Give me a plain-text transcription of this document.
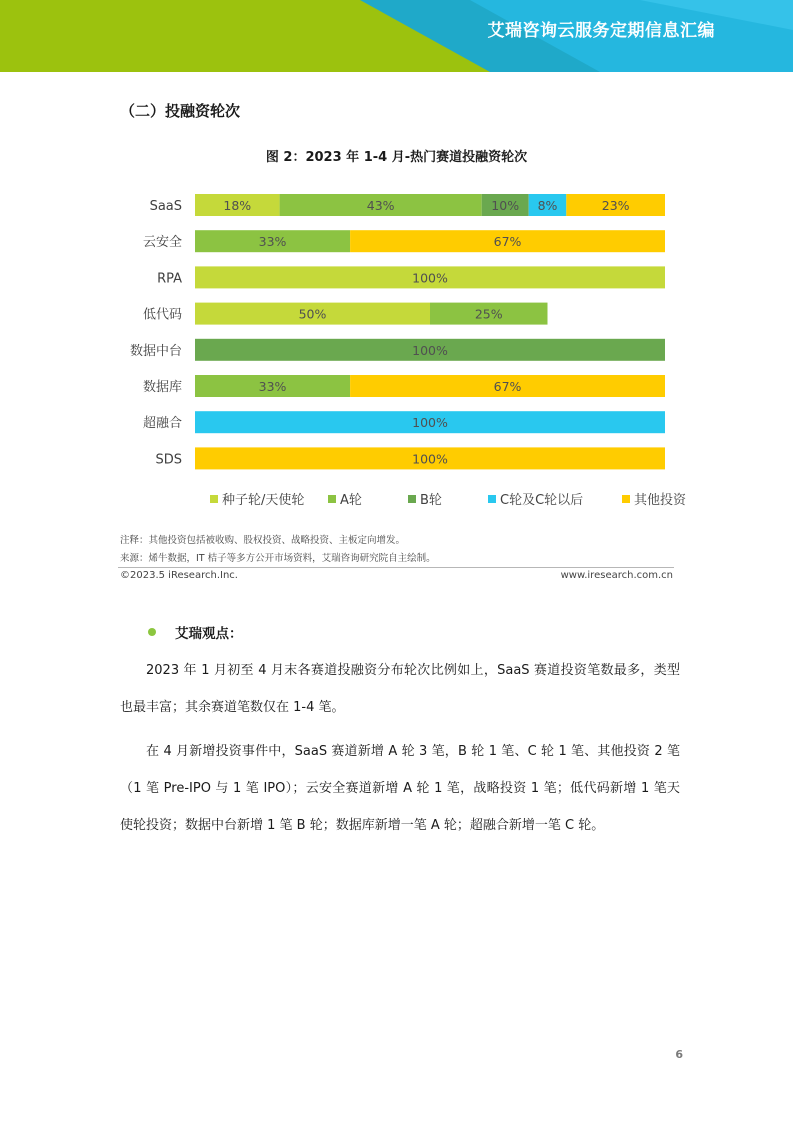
艾瑞咨询云服务定期信息汇编
（二）投融资轮次
图 2：2023 年 1-4 月-热门赛道投融资轮次
SaaS	18%	43%	10% 8%	23%
云安全	33%	67%
RPA	100%
低代码	50%	25%
数据中台	100%
数据库	33%	67%
超融合	100%
SDS	100%
种子轮/天使轮	A轮	B轮	C轮及C轮以后	其他投资
注释：其他投资包括被收购、股权投资、战略投资、主板定向增发。
来源：烯牛数据，IT 桔子等多方公开市场资料，艾瑞咨询研究院自主绘制。
©2023.5 iResearch.Inc.	www.iresearch.com.cn
艾瑞观点：
2023 年 1 月初至 4 月末各赛道投融资分布轮次比例如上，SaaS 赛道投资笔数最多，类型也最丰富；其余赛道笔数仅在 1-4 笔。
在 4 月新增投资事件中，SaaS 赛道新增 A 轮 3 笔，B 轮 1 笔、C 轮 1 笔、其他投资 2 笔（1 笔 Pre-IPO 与 1 笔 IPO）；云安全赛道新增 A 轮 1 笔，战略投资 1 笔；低代码新增 1 笔天使轮投资；数据中台新增 1 笔 B 轮；数据库新增一笔 A 轮；超融合新增一笔 C 轮。
6
